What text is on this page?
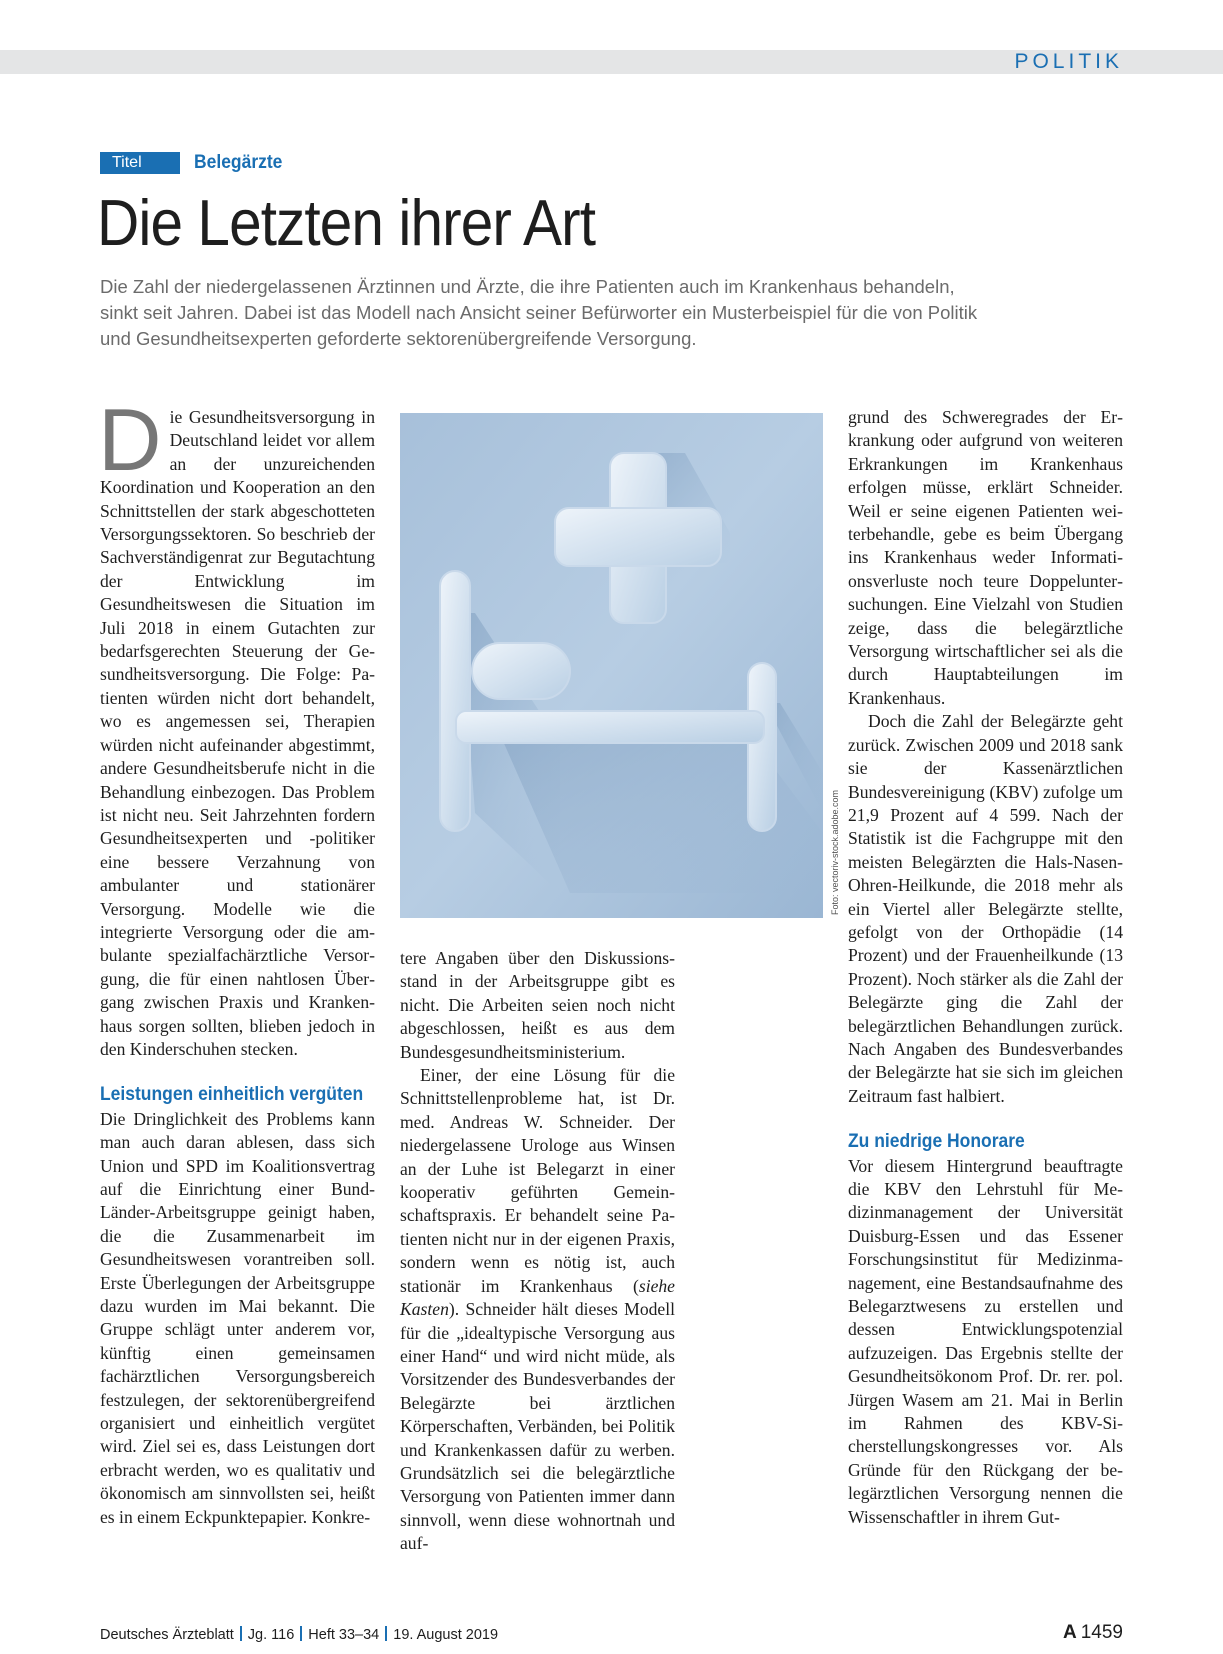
POLITIK
Titel	Belegärzte
Die Letzten ihrer Art
Die Zahl der niedergelassenen Ärztinnen und Ärzte, die ihre Patienten auch im Krankenhaus behandeln,
sinkt seit Jahren. Dabei ist das Modell nach Ansicht seiner Befürworter ein Musterbeispiel für die von Politik
und Gesundheitsexperten geforderte sektorenübergreifende Versorgung.

Die Gesundheitsversorgung in Deutschland leidet vor allem an der unzureichenden Koordination und Kooperation an den Schnittstellen der stark abgeschotteten Versorgungssektoren. So beschrieb der Sachverständigenrat zur Begutachtung der Entwicklung im Gesundheitswesen die Situation im Juli 2018 in einem Gutachten zur bedarfsgerechten Steuerung der Gesundheitsversorgung. Die Folge: Patienten würden nicht dort behandelt, wo es angemessen sei, Therapien würden nicht aufeinander abgestimmt, andere Gesundheitsberufe nicht in die Behandlung einbezogen. Das Problem ist nicht neu. Seit Jahrzehnten fordern Gesundheitsexperten und -politiker eine bessere Verzahnung von ambulanter und stationärer Versorgung. Modelle wie die integrierte Versorgung oder die ambulante spezialfachärztliche Versorgung, die für einen nahtlosen Übergang zwischen Praxis und Krankenhaus sorgen sollten, blieben jedoch in den Kinderschuhen stecken.

Leistungen einheitlich vergüten

Die Dringlichkeit des Problems kann man auch daran ablesen, dass sich Union und SPD im Koalitionsvertrag auf die Einrichtung einer Bund-Länder-Arbeitsgruppe geinigt haben, die die Zusammenarbeit im Gesundheitswesen vorantreiben soll. Erste Überlegungen der Arbeitsgruppe dazu wurden im Mai bekannt. Die Gruppe schlägt unter anderem vor, künftig einen gemeinsamen fachärztlichen Versorgungsbereich festzulegen, der sektorenübergreifend organisiert und einheitlich vergütet wird. Ziel sei es, dass Leistungen dort erbracht werden, wo es qualitativ und ökonomisch am sinnvollsten sei, heißt es in einem Eckpunktepapier. Konkre-

Foto: vectoriv-stock.adobe.com

tere Angaben über den Diskussionsstand in der Arbeitsgruppe gibt es nicht. Die Arbeiten seien noch nicht abgeschlossen, heißt es aus dem Bundesgesundheitsministerium.

Einer, der eine Lösung für die Schnittstellenprobleme hat, ist Dr. med. Andreas W. Schneider. Der niedergelassene Urologe aus Winsen an der Luhe ist Belegarzt in einer kooperativ geführten Gemeinschaftspraxis. Er behandelt seine Patienten nicht nur in der eigenen Praxis, sondern wenn es nötig ist, auch stationär im Krankenhaus (siehe Kasten). Schneider hält dieses Modell für die „idealtypische Versorgung aus einer Hand“ und wird nicht müde, als Vorsitzender des Bundesverbandes der Belegärzte bei ärztlichen Körperschaften, Verbänden, bei Politik und Krankenkassen dafür zu werben. Grundsätzlich sei die belegärztliche Versorgung von Patienten immer dann sinnvoll, wenn diese wohnortnah und auf-

grund des Schweregrades der Erkrankung oder aufgrund von weiteren Erkrankungen im Krankenhaus erfolgen müsse, erklärt Schneider. Weil er seine eigenen Patienten weiterbehandle, gebe es beim Übergang ins Krankenhaus weder Informationsverluste noch teure Doppeluntersuchungen. Eine Vielzahl von Studien zeige, dass die belegärztliche Versorgung wirtschaftlicher sei als die durch Hauptabteilungen im Krankenhaus.

Doch die Zahl der Belegärzte geht zurück. Zwischen 2009 und 2018 sank sie der Kassenärztlichen Bundesvereinigung (KBV) zufolge um 21,9 Prozent auf 4 599. Nach der Statistik ist die Fachgruppe mit den meisten Belegärzten die Hals-Nasen-Ohren-Heilkunde, die 2018 mehr als ein Viertel aller Belegärzte stellte, gefolgt von der Orthopädie (14 Prozent) und der Frauenheilkunde (13 Prozent). Noch stärker als die Zahl der Belegärzte ging die Zahl der belegärztlichen Behandlungen zurück. Nach Angaben des Bundesverbandes der Belegärzte hat sie sich im gleichen Zeitraum fast halbiert.

Zu niedrige Honorare

Vor diesem Hintergrund beauftragte die KBV den Lehrstuhl für Medizinmanagement der Universität Duisburg-Essen und das Essener Forschungsinstitut für Medizinmanagement, eine Bestandsaufnahme des Belegarztwesens zu erstellen und dessen Entwicklungspotenzial aufzuzeigen. Das Ergebnis stellte der Gesundheitsökonom Prof. Dr. rer. pol. Jürgen Wasem am 21. Mai in Berlin im Rahmen des KBV-Sicherstellungskongresses vor. Als Gründe für den Rückgang der belegärztlichen Versorgung nennen die Wissenschaftler in ihrem Gut-

Deutsches Ärzteblatt Jg. 116 Heft 33–34 19. August 2019	A 1459
